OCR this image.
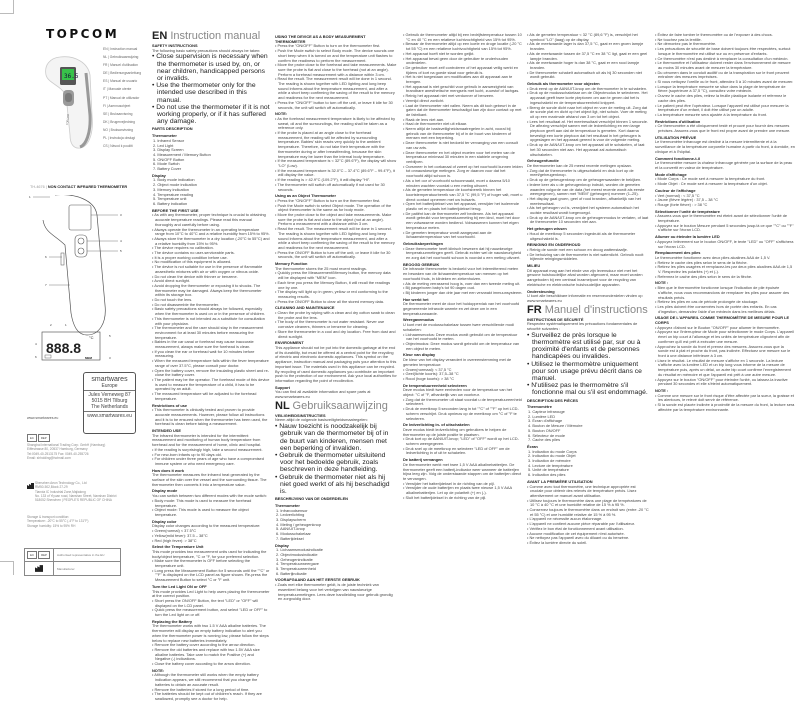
TOPCOM
EN | Instruction manual
NL | Gebruiksaanwijzing
FR | Manuel d'utilisation
DE | Bedienungsanleitung
ES | Manual de usuario
IT | Manuale utente
PT | Manual de utilizador
FI | Asennusohjeet
SE | Bruksanvisning
DK | Brugervejledning
NO | Bruksanvisning
PL | Instrukcja obsługi
CS | Návod k použití
36.5
TOPCOM
TH-4676 | NON CONTACT INFRARED THERMOMETER
3
4
5
6
7
1
888.8
°C
MEM
2	1
5
4
6	3
smartwares
Europe
Jules Verneweg 87
5015 BH Tilburg
The Netherlands
www.smartwares.eu
www.smartwares.eu
EC	REP
Shanghai International Trading Corp. GmbH (Hamburg)
Eiffestrasse 80, 20537 Hamburg, Germany
Tel:0049-40-2513175 Fax: 0049-40-255726
Email: shholding@hotmail.com
Shenzhen Aeon Technology Co., Ltd
RM50-502,Block 27-29
Tianxia IC Industrial Zone,Majialong
No. 133 of Yiyuan road, Nanshan Street, Nanshan District
518052 Shenzhen | PEOPLE'S REPUBLIC OF CHINA
Storage & transport condition:
Temperature: -20°C to 55°C (-4°F to 131°F)
Storage humidity: 15% to 95% RH
EC	REP	Authorised representative in the EU
Manufacturer
EN Instruction manual
SAFETY INSTRUCTIONS
The following basic safety precautions should always be taken:
• Close supervision is necessary when the thermometer is used by, on, or near children, handicapped persons or invalids.
• Use the thermometer only for the intended use described in this manual.
• Do not use the thermometer if it is not working properly, or if it has suffered any damage.
PARTS DESCRIPTION
Thermometer
1. Infrared Sensor
2. Led Light
3. Display Screen
4. Measurement / Memory Button
5. ON/OFF Button
6. Mode Switch
7. Battery Cover
Display
1. Body mode indication
2. Object mode indication
3. Memory indication
4. Temperature reading
5. Temperature unit
6. Battery indication
BEFORE THE FIRST USE
• As with any thermometer, proper technique is crucial to obtaining accurate temperature readings. Please read this manual thoroughly and carefully before using.
• Always operate the thermometer in an operating temperature range from 10°C to 40°C and a relative humidity from 15% to 95%.
• Always store the thermometer in a dry location (-20°C to 55°C) and a relative humidity from 15% to 95%.
• The device requires no calibration.
• The device contains no user-serviceable parts.
• It is a proper working condition before use.
• No modification of this equipment is allowed.
• The device is not suitable for use in the presence of flammable anaesthetic mixtures with air or with oxygen or nitrous oxide.
• Do not clean the device with thinner or benzene.
• Avoid direct sunlight.
• Avoid dropping the thermometer or exposing it to shocks. The thermometer may be damaged. Always keep the thermometer within its storage box.
• Do not touch the lens.
• Do not disassemble the thermometer.
• Basic safety precautions should always be followed, especially when the thermometer is used on or in the presence of children.
• This thermometer is not intended as a substitute for consultation with your physician.
• The thermometer and the user should stay in the measurement environment for at least 30 minutes before measuring the temperature.
• Babies in the car canal or forehead may cause inaccurate measurement, always make sure the forehead is clean.
• If you clean the ear or forehead wait for 10 minutes before measuring.
• When the measured temperature falls within the fever temperature range of over 37.5°C, please consult your doctor.
• Open the battery cover, remove the insulating plastic sheet and re-close the battery cover.
• The patient may be the operator. The forehead mode of this device is used to measure the temperature of a child, it has to be operated by an adult.
• The measured temperature will be adjusted to the forehead temperature.
Restrictions of use
• This thermometer is clinically tested and proven to provide accurate measurements. However, please follow all instructions and it is to be ensured when the thermometer has been used, the forehead is clean before taking a measurement.
INTENDED USE
The infrared thermometer is intended for the intermittent measurement and monitoring of human body temperature from forehead and for the measurement of home, clinic and hospital.
• If the reading is surprisingly high, take a second measurement.
• For new-born infants up to 90 days old.
• For children under three years of age who have a compromised immune system or who need emergency care.
How does it work
The thermometer measures the infrared heat generated by the surface of the skin over the vessel and the surrounding tissue. The thermometer then converts it into a temperature value.
Display mode
You can switch between two different modes with the mode switch:
• Body mode: This mode is used to measure the forehead temperature.
• Object mode: This mode is used to measure the object temperature.
Display color
Display color changes according to the measured temperature:
• Green(normal) < 37.5°C
• Yellow(mild fever): 37.5 – 38°C
• Red (high fever): > 38°C
Select the Temperature Unit
This mode provides two measurement units used for indicating the body/object temperature, °C or °F, for your preferred selection.
• Make sure the thermometer is OFF before selecting the temperature unit.
• Long press the Measurement Button for 5 seconds until the "°C" or "°F" is displayed on the LCD panel as figure shown. Re-press the Measurement Button to select °C or °F unit.
Turn the Led Light ON or OFF
This mode provides Led Light to help users placing the thermometer at the correct position.
• Short press the ON/OFF Button, the text "LED" or "OFF" will displayed on the LCD panel.
• Quick press the measurement button, and select "LED or OFF" to turn the Led light on or off.
Replacing the Battery
The thermometer works with two 1.5 V AAA alkaline batteries. The thermometer will display an empty battery indication to alert you when the thermometer power is running low, please follow the steps below to replace new batteries immediately.
• Remove the battery cover according to the arrow direction.
• Remove the old batteries and replace with two 1.5V AAA size alkaline batteries. Take care to match the Positive (+) and Negative (-) indications.
• Close the battery cover according to the arrow direction.
NOTE:
• Although the thermometer still works when the empty battery indication appears, we still recommend that you change the batteries to obtain an accurate result.
• Remove the batteries if stored for a long period of time.
• The batteries should be kept out of children's reach. If they are swallowed, promptly see a doctor for help.
USING THE DEVICE AS A BODY MEASUREMENT THERMOMETER
• Press the "ON/OFF" Button to turn on the thermometer first.
• Push the Mode switch to select Body mode. The device sounds one short beep when it is turned on and the temperature unit flashes to confirm the readiness to perform the measurement.
• Move the probe close to the forehead and take measurements. Make sure the probe is flat and close to the forehead (not at an angle). Perform a forehead measurement with a distance within 3 cm.
• Read the result. The measurement result will be done in 1 second. The reading is shown together with LED lighting and long beep sound informs about the temperature measurement, and after a while a short beep confirming the saving of the result to the memory and readiness for the next measurement.
• Press the "ON/OFF" button to turn off the unit, or leave it idle for 30 seconds, the unit will switch off automatically.
NOTE:
• As the forehead measurement temperature is likely to be affected by sweat, oil and the surroundings, the reading shall be taken as a reference only.
• If the probe is placed at an angle close to the forehead measurement, the reading will be affected by surrounding temperature. Babies' skin reacts very quickly to the ambient temperature. Therefore, do not take their temperature with the thermometer during or after breastfeeding, because the skin temperature may be lower than the internal body temperature.
• If the measured temperature is < 32°C (89.6°F), the display will show "LO" (Low).
• If the measured temperature is 32.0°C – 37.4°C (89.6°F – 99.4°F), it will display the value.
• If the reading is > 42.9°C (109.2°F), it will display "HI".
• The thermometer will switch off automatically if not used for 30 seconds.
Using as an Object Thermometer
• Press the "ON/OFF" Button to turn on the thermometer first.
• Push the Mode switch to select Object mode. The operation of the object thermometer is the same as for body mode.
• Move the probe close to the object and take measurements. Make sure the probe is flat and close to the object (not at an angle). Perform a measurement with a distance within 3 cm.
• Read the result. The measurement result will be done in 1 second. The reading is shown together with LED lighting and long beep sound informs about the temperature measurement, and after a while a short beep confirming the saving of the result to the memory and readiness for the next measurement.
• Press the ON/OFF Button to turn off the unit, or leave it idle for 30 seconds, the unit will switch off automatically.
Memory Function
The thermometer stores the 25 most recent readings.
• Quickly press the Measurement/Memory button, the memory data will be displayed with "MEM" icon.
• Each time you press the Memory Button, it will recall the readings one by one.
• The display will light up in green, yellow or red conforming to the measuring results.
• Press the ON/OFF Button to clear all the stored memory data.
CLEANING AND MAINTENANCE
• Clean the probe by wiping with a clean and dry cotton swab to clean the probe and the lens.
• The body of the thermometer is not water resistant. Never use corrosive cleaners, thinners or benzene for cleaning.
• Store the thermometer in a cool and dry location. Free from dust and direct sunlight.
ENVIRONMENT
This appliance should not be put into the domestic garbage at the end of its durability, but must be offered at a central point for the recycling of electric and electronic domestic appliances. This symbol on the appliance, instruction manual and packaging puts your attention to this important issue. The materials used in this appliance can be recycled. By recycling of used domestic appliances you contribute an important push to the protection of our environment. Ask your local authorities for information regarding the point of recollection.
Support
You can find all available information and spare parts at www.smartwares.eu
NL Gebruiksaanwijzing
VEILIGHEIDSINSTRUCTIES
Neem altijd de volgende basisveiligheidsmaatregelen:
• Nauw toezicht is noodzakelijk bij gebruik van de thermometer bij of in de buurt van kinderen, mensen met een beperking of invaliden.
• Gebruik de thermometer uitsluitend voor het bedoelde gebruik, zoals beschreven in deze handleiding.
• Gebruik de thermometer niet als hij niet goed werkt of als hij beschadigd is.
BESCHRIJVING VAN DE ONDERDELEN
Thermometer
1. Infraroodsensor
2. Ledverlichting
3. Displayscherm
4. Meting / geheugenknop
5. AAN/UIT-knop
6. Modusschakelaar
7. Batterijdeksel
Display
1. Lichaamsmodusindicatie
2. Objectmodusindicatie
3. Geheugenindicatie
4. Temperatuurweergave
5. Temperatuureenheid
6. Batterijindicatie
VOORAFGAAND AAN HET EERSTE GEBRUIK
• Zoals met elke thermometer geldt, is de juiste techniek van essentieel belang voor het verkrijgen van nauwkeurige temperatuurmetingen. Lees deze handleiding voor gebruik grondig en zorgvuldig door.
• Gebruik de thermometer altijd bij een bedrijfstemperatuur tussen 10 °C en 40 °C en een relatieve luchtvochtigheid van 15% tot 95%.
• Bewaar de thermometer altijd op een koele en droge locatie (-20 °C tot 55 °C) en een relatieve luchtvochtigheid van 15% tot 95%.
• Het apparaat hoeft niet te worden geijkt.
• Het apparaat bevat geen door de gebruiker te onderhouden onderdelen.
• De gebruiker moet zelf controleren of het apparaat veilig werkt en tijdens of kort na goede staat voor gebruik is.
• Het is niet toegestaan om modificaties aan dit apparaat aan te brengen.
• Het apparaat is niet geschikt voor gebruik in aanwezigheid van brandbare anesthetische mengsels met lucht, zuurstof of lachgas.
• Reinig het apparaat niet met verdunner of benzeen.
• Vermijd direct zonlicht.
• Laat de thermometer niet vallen. Neem als dit toch gebeurt in de gaten dat de thermometer beschadigd kan zijn door contact op met de fabrikant.
• Raak de lens niet aan.
• Haal de thermometer niet uit elkaar.
• Neem altijd de basisveiligheidsmaatregelen in acht, vooral bij gebruik van de thermometer bij of in de buurt van kinderen of mensen met een beperking.
• Deze thermometer is niet bedoeld ter vervanging van een consult van uw arts.
• Deze thermometer en het object moeten voor het meten van de temperatuur minimaal 30 minuten in een stabiele omgeving verblijven.
• Oorsmeer in het oorkanaal of zweet op het voorhoofd kunnen leiden tot onnauwkeurige metingen. Zorg er daarom voor dat het voorhoofd altijd schoon is.
• Als u het oor of voorhoofd schoonmaakt, moet u daarna 5/10 minuten wachten voordat u een meting uitvoert.
• Als de gemeten temperatuur de koortsbereik binnen het koortstemperatuurbereik van 37,5 °C (99,5 °F) of hoger valt, moet u direct contact opnemen met uw huisarts.
• Open het batterijdeksel van het apparaat, verwijder het isolerende plastic vel en plaats het batterijdeksel terug.
• De patiënt kan de thermometer zelf bedienen. Als het apparaat wordt gebruikt voor temperatuurmeting bij een kind, moet het door een volwassene worden bediend. Volwassenen kunnen het eigen temperatuur meten.
• De gemeten temperatuur wordt aangepast aan de lichaamstemperatuur van het voorhoofd.
Gebruiksbeperkingen
• Deze thermometer heeft klinisch bewezen dat hij nauwkeurige temperatuurmetingen geeft. Gebruik echter wel de nauwkeurigheid en zorg dat het voorhoofd schoon is voordat u een meting uitvoert.
BEOOGD GEBRUIK
De infrarode thermometer is bedoeld voor het intermitterend meten en bewaken van de lichaamstemperatuur van mensen op het voorhoofd thuis, in klinieken en ziekenhuizen.
• Als de meting verrassend hoog is, voer dan een tweede meting uit.
• Bij pasgeboren baby's tot 90 dagen oud.
• Bij kinderen jonger dan drie jaar met een verzwakt immuunsysteem.
Hoe werkt het
De thermometer meet de door het huidoppervlak van het voorhoofd gegenereerde infrarode warmte en zet deze om in een temperatuurwaarde.
Weergavemodus
U kunt met de modusschakelaar tussen twee verschillende modi schakelen:
• Lichaamsmodus: Deze modus wordt gebruikt om de temperatuur van het voorhoofd te meten.
• Objectmodus: Deze modus wordt gebruikt om de temperatuur van een object te meten.
Kleur van display
De kleur van het display verandert in overeenstemming met de gemeten temperatuur:
• Groen(normaal): < 37,5 °C
• Geel(lichte koorts): 37,5–38 °C
• Rood (hoge koorts): > 38 °C
De temperatuureenheid selecteren
Deze modus biedt twee eenheden voor de temperatuur van het object: °C of °F, afhankelijk van uw voorkeur.
• Zorg dat de thermometer uit staat voordat u de temperatuureenheid selecteert.
• Druk de meetknop 5 seconden lang in tot "°C" of "°F" op het LCD-scherm verschijnt. Druk opnieuw op de meetknop om °C of °F te selecteren.
De ledverlichting in- of uitschakelen
Deze modus biedt ledverlichting om gebruikers te helpen de thermometer op de juiste positie te plaatsen.
• Druk kort op de AAN/UIT-knop; "LED" of "OFF" wordt op het LCD-scherm weergegeven.
• Druk snel op de meetknop en selecteer "LED of OFF" om de ledverlichting in of uit te schakelen.
De batterij vervangen
De thermometer werkt met twee 1,5 V AAA alkalinebatterijen. De thermometer geeft een batterij-indicator weer wanneer de batterijen bijna leeg zijn. Volg de onderstaande stappen om de batterijen direct te vervangen.
• Verwijder het batterijdeksel in de richting van de pijl.
• Verwijder de oude batterijen en plaats twee nieuwe 1,5 V AAA alkalinebatterijen. Let op de polariteit (+) en (-).
• Sluit het batterijdeksel in de richting van de pijl.
• Als de gemeten temperatuur < 32 °C (89,6 °F) is, verschijnt het symbool "LO" (laag) op de display.
• Als de meetwaarde lager is dan 37,5 °C, gaat er een groen lampje branden.
• Als de meetwaarde tussen de 37,5 °C en 38 °C ligt, gaat er een geel lampje branden.
• Als de meetwaarde hoger is dan 38 °C, gaat er een rood lampje branden.
• De thermometer schakelt automatisch uit als hij 30 seconden niet wordt gebruikt.
Gebruik als thermometer voor objecten
• Druk eerst op de AAN/UIT-knop om de thermometer in te schakelen.
• Druk op de modusschakelaar om de Objectmodus te selecteren. Het apparaat geeft twee korte pieptonen om aan te geven dat het is ingeschakeld en de temperatuureenheid knippert.
• Breng de sonde dicht naar het object en voer de meting uit. Zorg dat de sonde plat en dicht op het object ligt, niet schuin. Voer de meting uit op een maximale afstand van 3 cm tot het object.
• Lees het resultaat af. Het meetresultaat verschijnt binnen 1 seconde. De aflezing verschijnt samen met de ledverlichting en een lange pieptoon geeft aan dat de temperatuur is gemeten. Kort daarna bevestigt een korte pieptoon dat het resultaat in het geheugen is opgeslagen en het apparaat gereed is voor de volgende meting.
• Druk op de AAN/UIT-knop om het apparaat uit te schakelen, of laat het 30 seconden niet aan. Het apparaat zal automatisch uitschakelen.
Geheugenfunctie
De thermometer kan de 25 meest recente metingen opslaan.
• Zorg dat de thermometer is uitgeschakeld en druk kort op de meet/geheugenknop.
• Druk op de geheugenknop om de geheugenwaarden te bekijken.
• Iedere keer als u de geheugenknop indrukt, worden de gemeten waarden volgorde van de data (het meest recente wordt als eerste weergegeven), samen met "MEM" (geheugen) nummer (1–25).
• Het display gaat groen, geel of rood branden, afhankelijk van het meetresultaat.
• Als het geheugen vol is, verwijdert het systeem automatisch het oudste resultaat wordt toegevoegd.
• Druk op de AAN/UIT-knop om de geheugenmodus te verlaten, of laat de thermometer 10 seconden niet aan.
Het geheugen wissen
• Houd de meetknop 5 seconden ingedrukt als de thermometer uitgeschakeld is.
REINIGING EN ONDERHOUD
• Reinig de sonde met een schoon en droog wattenstaafje.
• De behuizing van de thermometer is niet waterdicht. Gebruik nooit bijtende reinigingsmiddelen.
MILIEU
Dit apparaat mag aan het einde van zijn levensduur niet met het gewone huishoudelijke afval worden afgevoerd, maar moet worden aangeboden bij een centraal inzamelpunt voor de recycling van elektrische en elektronische huishoudelijke apparaten.
Ondersteuning
U kunt alle beschikbare informatie en reserveonderdelen vinden op www.smartwares.eu
FR Manuel d'instructions
INSTRUCTIONS DE SÉCURITÉ
Respectez systématiquement les précautions fondamentales de sécurité suivantes :
• Surveillez de près lorsque le thermomètre est utilisé par, sur ou à proximité d'enfants et de personnes handicapées ou invalides.
• Utilisez le thermomètre uniquement pour son usage prévu décrit dans ce manuel.
• N'utilisez pas le thermomètre s'il fonctionne mal ou s'il est endommagé.
DESCRIPTION DES PIÈCES
Thermomètre
1. Capteur infrarouge
2. Lumière LED
3. Écran d'affichage
4. Bouton de Mesure / Mémoire
5. Bouton ON/OFF
6. Sélecteur de mode
7. Cache des piles
Écran
1. Indication du mode Corps
2. Indication du mode Objet
3. Indication de mémoire
4. Lecture de température
5. Unité de température
6. Indication des piles
AVANT LA PREMIÈRE UTILISATION
• Comme avec tout thermomètre, une technique appropriée est cruciale pour obtenir des relevés de température précis. Lisez attentivement ce manuel avant utilisation.
• Utilisez toujours le thermomètre dans une plage de températures de 10 °C à 40 °C et une humidité relative de 15 % à 95 %.
• Conservez toujours le thermomètre dans un endroit sec (entre -20 °C et 55 °C) et une humidité relative de 15 % à 95 %.
• L'appareil ne nécessite aucun étalonnage.
• L'appareil ne contient aucune pièce réparable par l'utilisateur.
• Vérifiez le bon état de fonctionnement avant utilisation.
• Aucune modification de cet équipement n'est autorisée.
• Ne nettoyez pas l'appareil avec du diluant ou du benzène.
• Évitez la lumière directe du soleil.
• Évitez de faire tomber le thermomètre ou de l'exposer à des chocs.
• Ne touchez pas la lentille.
• Ne démontez pas le thermomètre.
• Les précautions de sécurité de base doivent toujours être respectées, surtout lorsque le thermomètre est utilisé sur ou en présence d'enfants.
• Ce thermomètre n'est pas destiné à remplacer la consultation d'un médecin.
• Le thermomètre et l'utilisateur doivent rester dans l'environnement de mesure au moins 30 minutes avant de mesurer la température.
• Du cérumen dans le conduit auditif ou de la transpiration sur le front peuvent entraîner des mesures imprécises.
• Si vous nettoyez l'oreille ou le front, attendez 5 à 10 minutes avant de mesurer.
• Lorsque la température mesurée se situe dans la plage de température de fièvre (supérieure à 37,5 °C), consultez votre médecin.
• Ouvrez le cache des piles, retirez la feuille plastique isolante et refermez le cache des piles.
• Le patient peut être l'opérateur. Lorsque l'appareil est utilisé pour mesurer la température d'un enfant, il doit être utilisé par un adulte.
• La température mesurée sera ajustée à la température du front.
Restrictions d'utilisation
• Ce thermomètre a été cliniquement testé et prouvé pour fournir des mesures précises. Assurez-vous que le front est propre avant de prendre une mesure.
UTILISATION PRÉVUE
Le thermomètre infrarouge est destiné à la mesure intermittente et à la surveillance de la température corporelle humaine à partir du front, à domicile, en clinique et à l'hôpital.
Comment fonctionne-t-il
Le thermomètre mesure la chaleur infrarouge générée par la surface de la peau et la convertit en valeur de température.
Mode d'affichage
• Mode Corps : Ce mode sert à mesurer la température du front.
• Mode Objet : Ce mode sert à mesurer la température d'un objet.
Couleur de l'affichage
• Vert (normal) : < 37,5 °C
• Jaune (fièvre légère) : 37,5 – 38 °C
• Rouge (forte fièvre) : > 38 °C
Sélectionner l'unité de température
• Assurez-vous que le thermomètre est éteint avant de sélectionner l'unité de température.
• Appuyez sur le bouton Mesure pendant 5 secondes jusqu'à ce que "°C" ou "°F" s'affiche sur l'écran LCD.
Allumer ou éteindre la lumière LED
• Appuyez brièvement sur le bouton ON/OFF, le texte "LED" ou "OFF" s'affichera sur l'écran LCD.
Remplacement des piles
Le thermomètre fonctionne avec deux piles alcalines AAA de 1,5 V.
• Retirez le cache des piles selon le sens de la flèche.
• Retirez les piles usagées et remplacez-les par deux piles alcalines AAA de 1,5 V. Respectez les polarités (+) et (-).
• Refermez le cache des piles selon le sens de la flèche.
NOTE :
• Bien que le thermomètre fonctionne lorsque l'indication de pile épuisée s'affiche, nous vous recommandons de remplacer les piles pour assurer des résultats précis.
• Retirez les piles en cas de période prolongée de stockage.
• Les piles doivent être conservées hors de portée des enfants. En cas d'ingestion, demandez l'aide d'un médecin dans les meilleurs délais.
USAGE DE L'APPAREIL COMME THERMOMÈTRE DE MESURE POUR LE CORPS
• Appuyez d'abord sur le Bouton "ON/OFF" pour allumer le thermomètre.
• Appuyez sur l'interrupteur de Mode pour sélectionner le mode Corps. L'appareil émet un bip court à l'allumage et les unités de température clignotent afin de confirmer qu'il est prêt à exécuter une mesure.
• Approchez la sonde du front et prenez des mesures. Assurez-vous que la sonde est à plat et proche du front, pas inclinée. Effectuez une mesure sur le front à une distance inférieure à 3 cm.
• Lisez le résultat. Le résultat de mesure s'affiche en 1 seconde. La lecture s'affiche avec la lumière LED et un bip long vous informe de la mesure de température puis, après un délai, un autre bip court confirme l'enregistrement du résultat en mémoire et que l'appareil est prêt à une autre mesure.
• Appuyez sur le bouton "ON/OFF" pour éteindre l'unité, ou laissez-la inactive pendant 30 secondes et elle s'éteint automatiquement.
NOTE :
• Comme une mesure sur le front risque d'être affectée par la sueur, la graisse et les alentours, le relevé doit servir de référence.
• Si la sonde est placée inclinée à proximité de la mesure du front, la lecture sera affectée par la température environnante.
